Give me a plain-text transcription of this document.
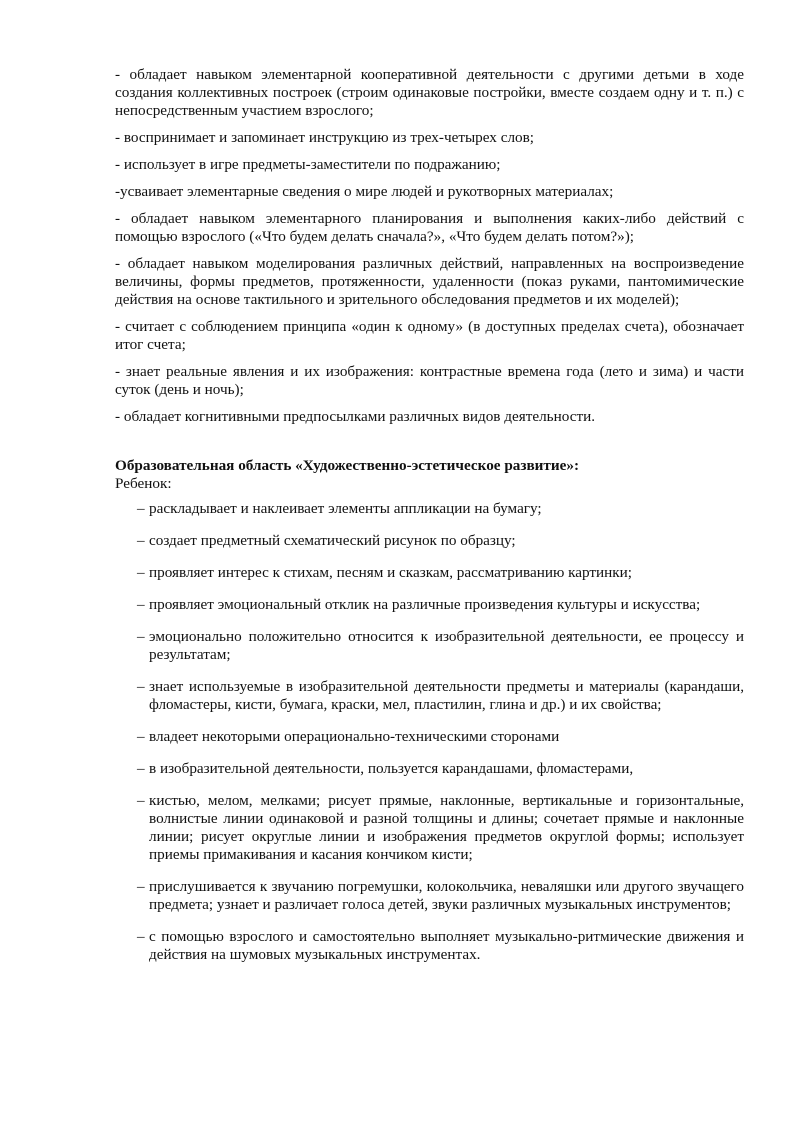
- обладает навыком элементарной кооперативной деятельности с другими детьми в ходе создания коллективных построек (строим одинаковые постройки, вместе создаем одну и т. п.) с непосредственным участием взрослого;

- воспринимает и запоминает инструкцию из трех-четырех слов;

- использует в игре предметы-заместители по подражанию;

-усваивает элементарные сведения о мире людей и рукотворных материалах;

- обладает навыком элементарного планирования и выполнения каких-либо действий с помощью взрослого («Что будем делать сначала?», «Что будем делать потом?»);

- обладает навыком моделирования различных действий, направленных на воспроизведение величины, формы предметов, протяженности, удаленности (показ руками, пантомимические действия на основе тактильного и зрительного обследования предметов и их моделей);

- считает с соблюдением принципа «один к одному» (в доступных пределах счета), обозначает итог счета;

- знает реальные явления и их изображения: контрастные времена года (лето и зима) и части суток (день и ночь);

- обладает когнитивными предпосылками различных видов деятельности.

Образовательная область «Художественно-эстетическое развитие»:
Ребенок:
– раскладывает и наклеивает элементы аппликации на бумагу;
– создает предметный схематический рисунок по образцу;
– проявляет интерес к стихам, песням и сказкам, рассматриванию картинки;
– проявляет эмоциональный отклик на различные произведения культуры и искусства;
– эмоционально положительно относится к изобразительной деятельности, ее процессу и результатам;
– знает используемые в изобразительной деятельности предметы и материалы (карандаши, фломастеры, кисти, бумага, краски, мел, пластилин, глина и др.) и их свойства;
– владеет некоторыми операционально-техническими сторонами
– в изобразительной деятельности, пользуется карандашами, фломастерами,
– кистью, мелом, мелками; рисует прямые, наклонные, вертикальные и горизонтальные, волнистые линии одинаковой и разной толщины и длины; сочетает прямые и наклонные линии; рисует округлые линии и изображения предметов округлой формы; использует приемы примакивания и касания кончиком кисти;
– прислушивается к звучанию погремушки, колокольчика, неваляшки или другого звучащего предмета; узнает и различает голоса детей, звуки различных музыкальных инструментов;
– с помощью взрослого и самостоятельно выполняет музыкально-ритмические движения и действия на шумовых музыкальных инструментах.
